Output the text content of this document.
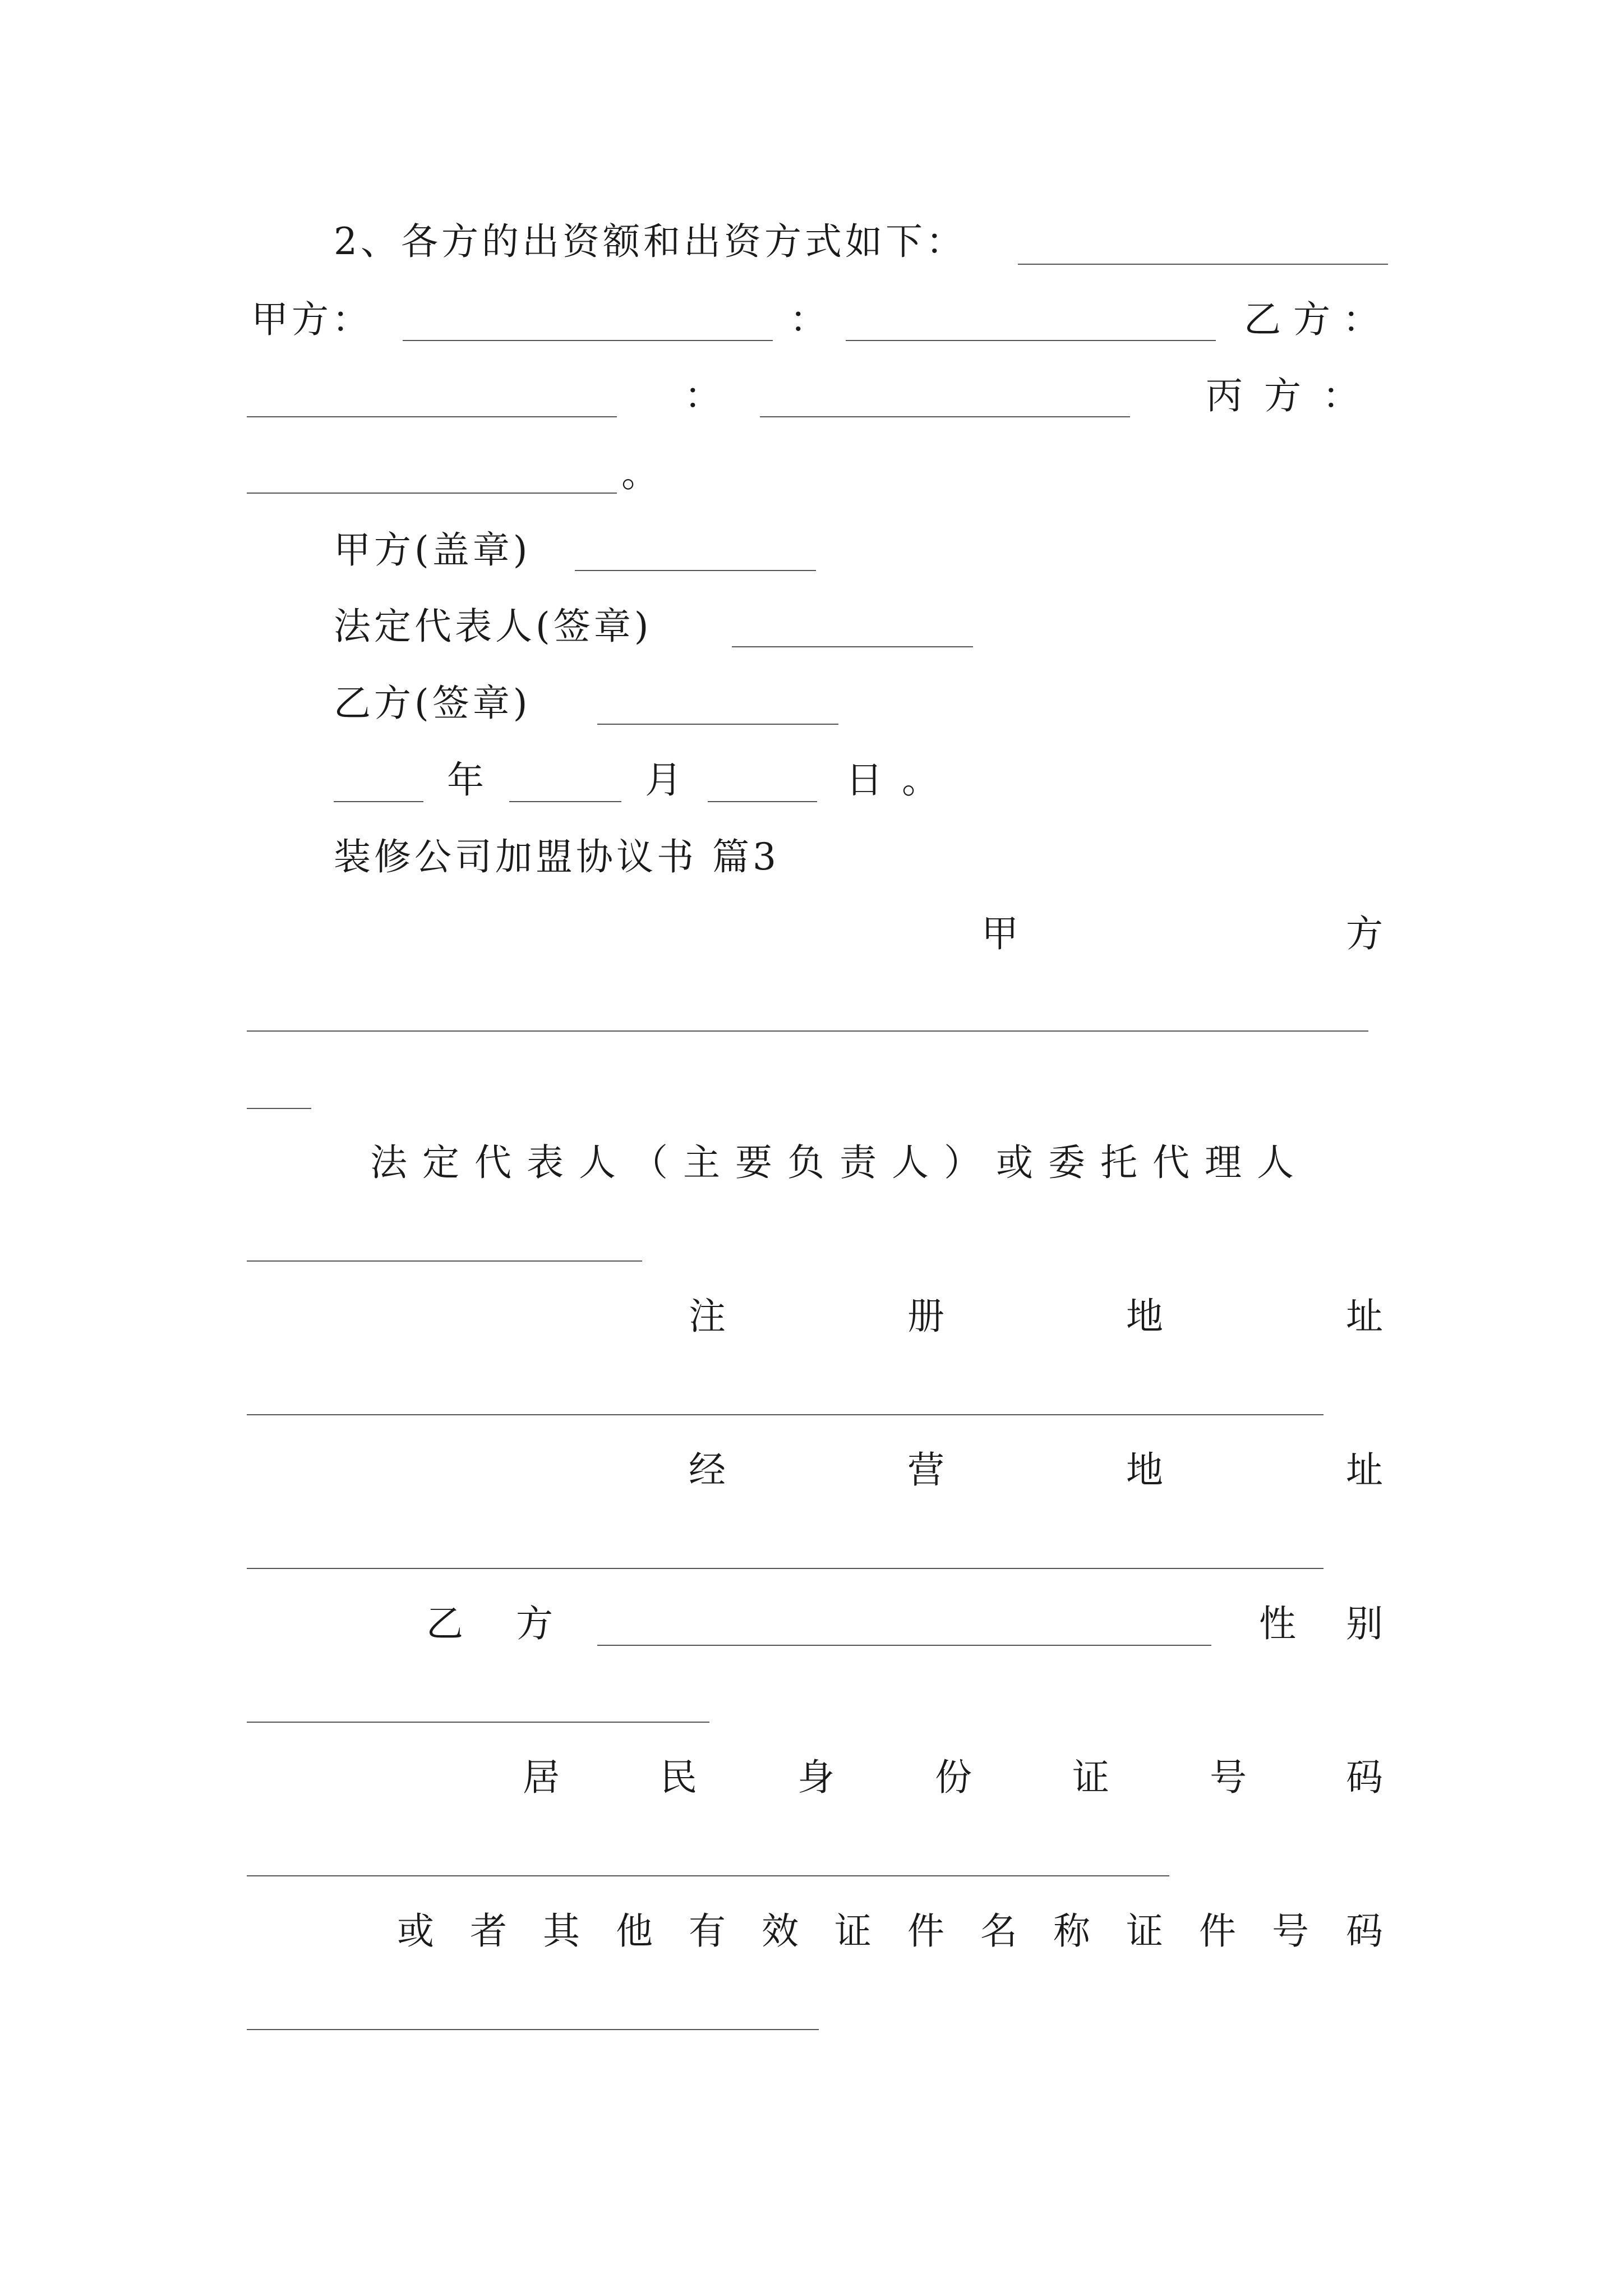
2、各方的出资额和出资方式如下：
甲方：	：	乙方：
：	丙方：
。
甲方(盖章)
法定代表人(签章)
乙方(签章)
年	月	日 。
装修公司加盟协议书 篇3
甲	方
法定代表人（主要负责人）或委托代理人
注	册	地	址
经	营	地	址
乙 方	性 别
居	民	身	份	证	号	码
或 者 其 他 有 效 证 件 名 称 证 件 号 码
